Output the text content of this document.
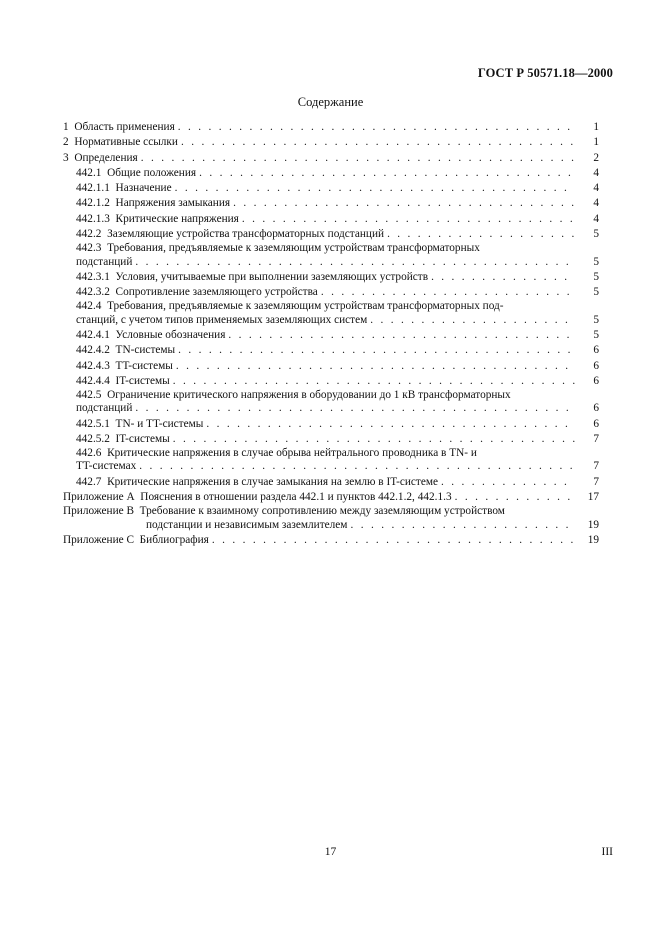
ГОСТ Р 50571.18—2000
Содержание
1 Область применения . . .	1
2 Нормативные ссылки . . .	1
3 Определения . . .	2
442.1 Общие положения . . .	4
442.1.1 Назначение . . .	4
442.1.2 Напряжения замыкания . . .	4
442.1.3 Критические напряжения . . .	4
442.2 Заземляющие устройства трансформаторных подстанций . . .	5
442.3 Требования, предъявляемые к заземляющим устройствам трансформаторных
подстанций . . .	5
442.3.1 Условия, учитываемые при выполнении заземляющих устройств . . .	5
442.3.2 Сопротивление заземляющего устройства . . .	5
442.4 Требования, предъявляемые к заземляющим устройствам трансформаторных под-
станций, с учетом типов применяемых заземляющих систем . . .	5
442.4.1 Условные обозначения . . .	5
442.4.2 TN-системы . . .	6
442.4.3 TT-системы . . .	6
442.4.4 IT-системы . . .	6
442.5 Ограничение критического напряжения в оборудовании до 1 кВ трансформаторных
подстанций . . .	6
442.5.1 TN- и TT-системы . . .	6
442.5.2 IT-системы . . .	7
442.6 Критические напряжения в случае обрыва нейтрального проводника в TN- и
TT-системах . . .	7
442.7 Критические напряжения в случае замыкания на землю в IT-системе . . .	7
Приложение А Пояснения в отношении раздела 442.1 и пунктов 442.1.2, 442.1.3 . . .	17
Приложение В Требование к взаимному сопротивлению между заземляющим устройством
подстанции и независимым заземлителем . . .	19
Приложение С Библиография . . .	19
17	III
